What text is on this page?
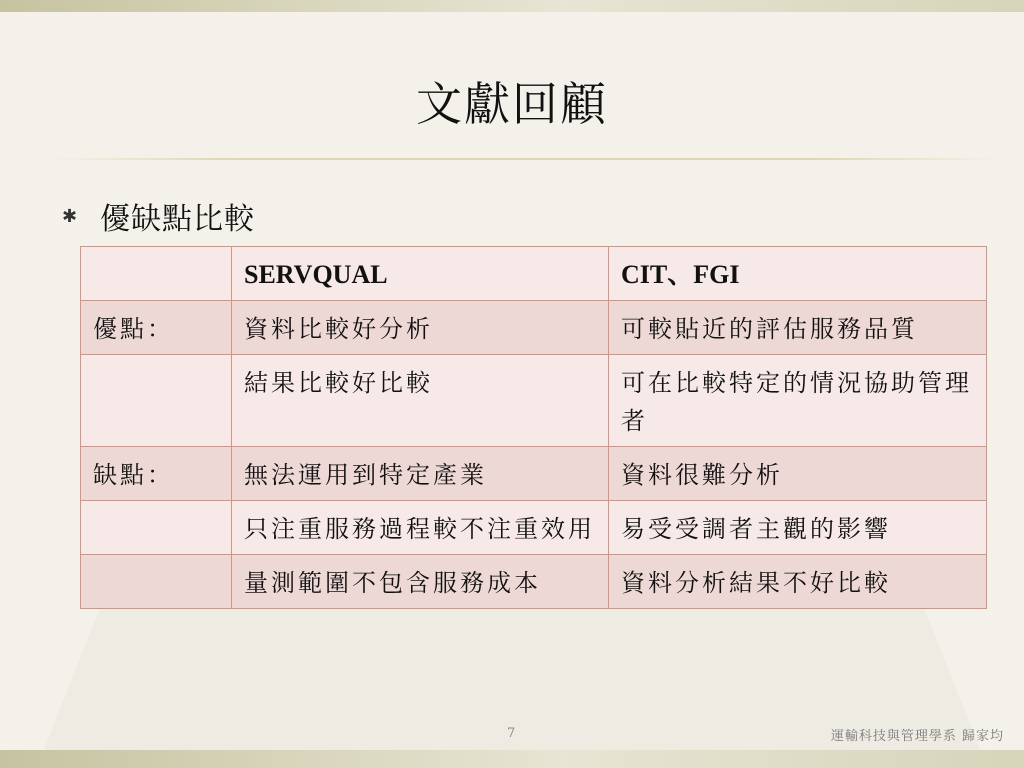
文獻回顧
✱ 優缺點比較
	SERVQUAL	CIT、FGI
優點：	資料比較好分析	可較貼近的評估服務品質
	結果比較好比較	可在比較特定的情況協助管理者
缺點：	無法運用到特定產業	資料很難分析
	只注重服務過程較不注重效用	易受受調者主觀的影響
	量測範圍不包含服務成本	資料分析結果不好比較
7	運輸科技與管理學系 歸家均
